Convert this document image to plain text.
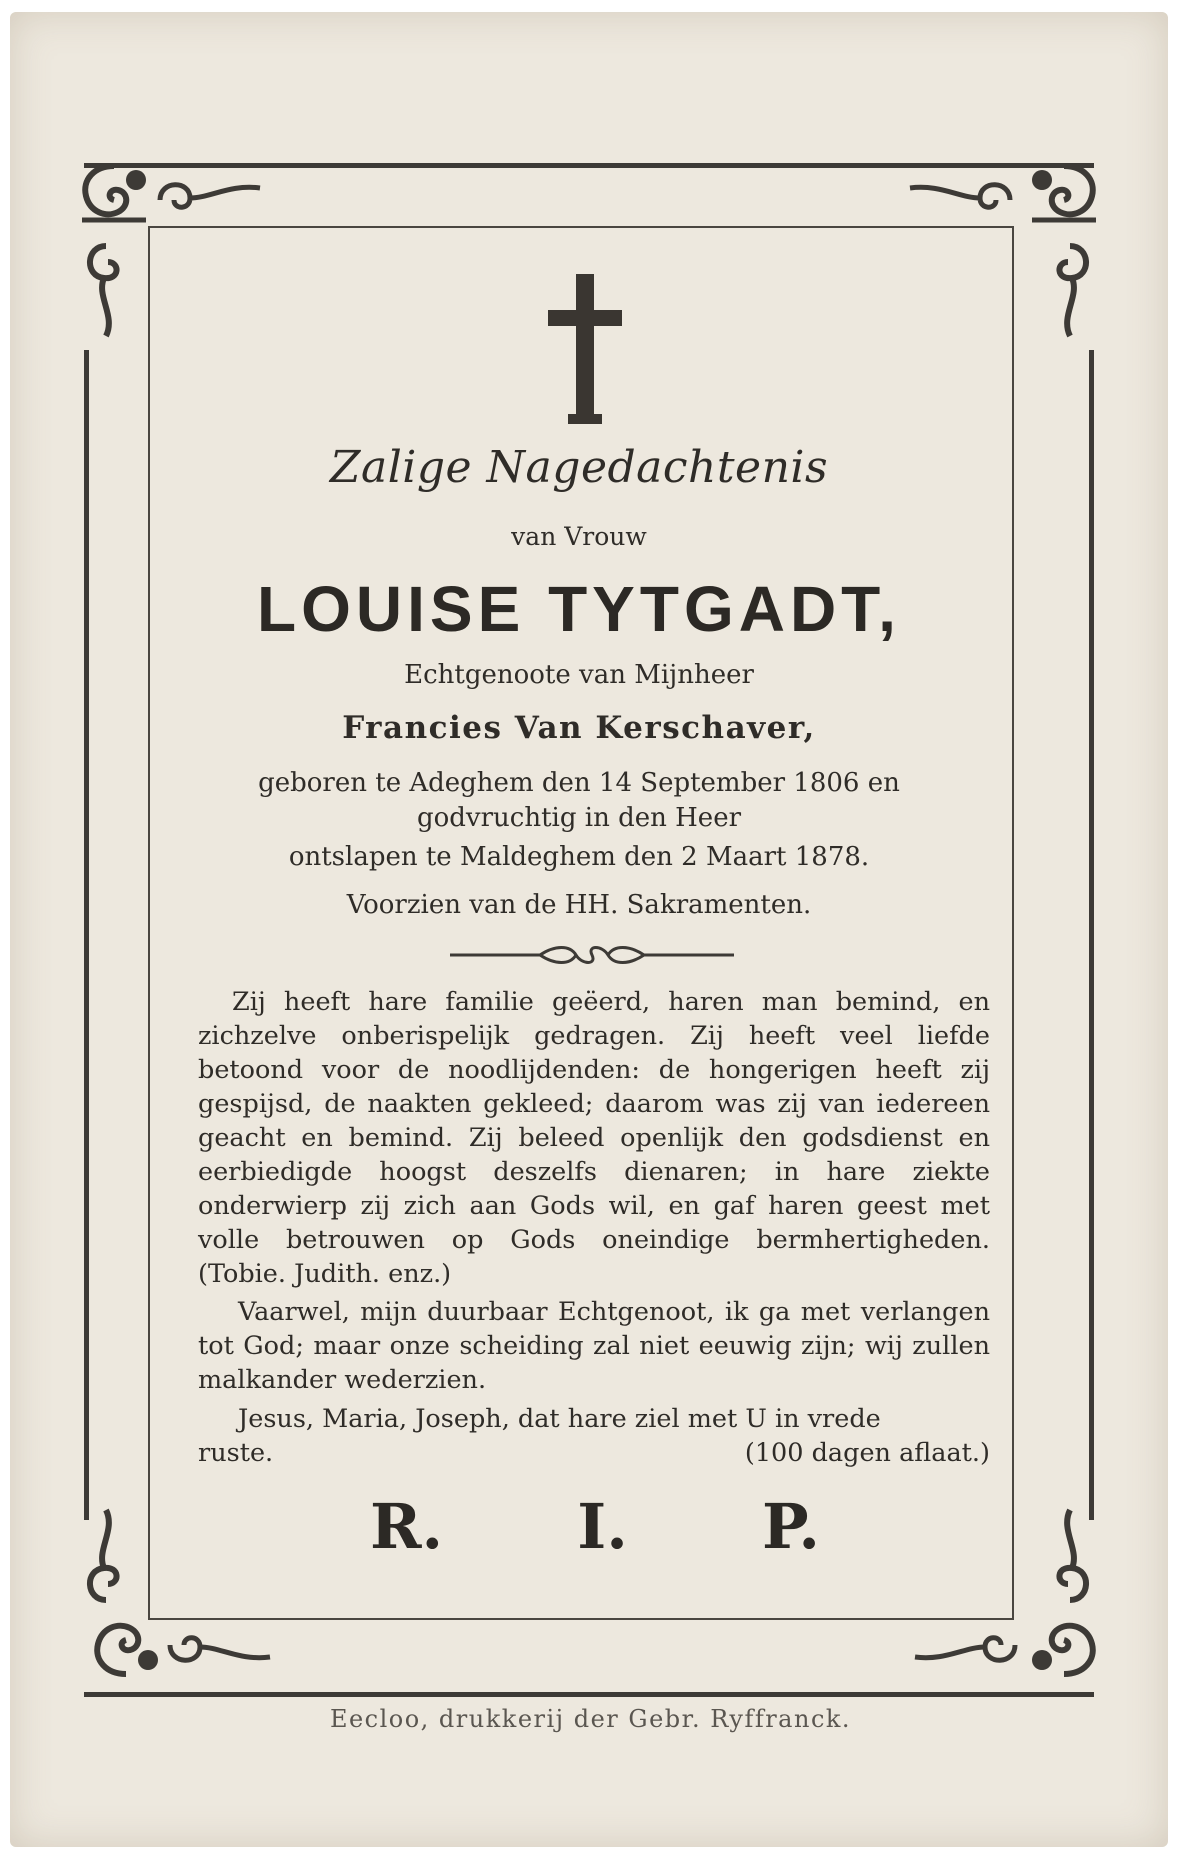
Zalige Nagedachtenis
van Vrouw
LOUISE TYTGADT,
Echtgenoote van Mijnheer
Francies Van Kerschaver,
geboren te Adeghem den 14 September 1806 en
godvruchtig in den Heer
ontslapen te Maldeghem den 2 Maart 1878.
Voorzien van de HH. Sakramenten.

Zij heeft hare familie geëerd, haren man bemind, en zichzelve onberispelijk gedragen. Zij heeft veel liefde betoond voor de noodlijdenden: de hongerigen heeft zij gespijsd, de naakten gekleed; daarom was zij van iedereen geacht en bemind. Zij beleed openlijk den godsdienst en eerbiedigde hoogst deszelfs dienaren; in hare ziekte onderwierp zij zich aan Gods wil, en gaf haren geest met volle betrouwen op Gods oneindige bermhertigheden. (Tobie. Judith. enz.)

Vaarwel, mijn duurbaar Echtgenoot, ik ga met verlangen tot God; maar onze scheiding zal niet eeuwig zijn; wij zullen malkander wederzien.

Jesus, Maria, Joseph, dat hare ziel met U in vrede
ruste.	(100 dagen aflaat.)
R. I. P.
Eecloo, drukkerij der Gebr. Ryffranck.
